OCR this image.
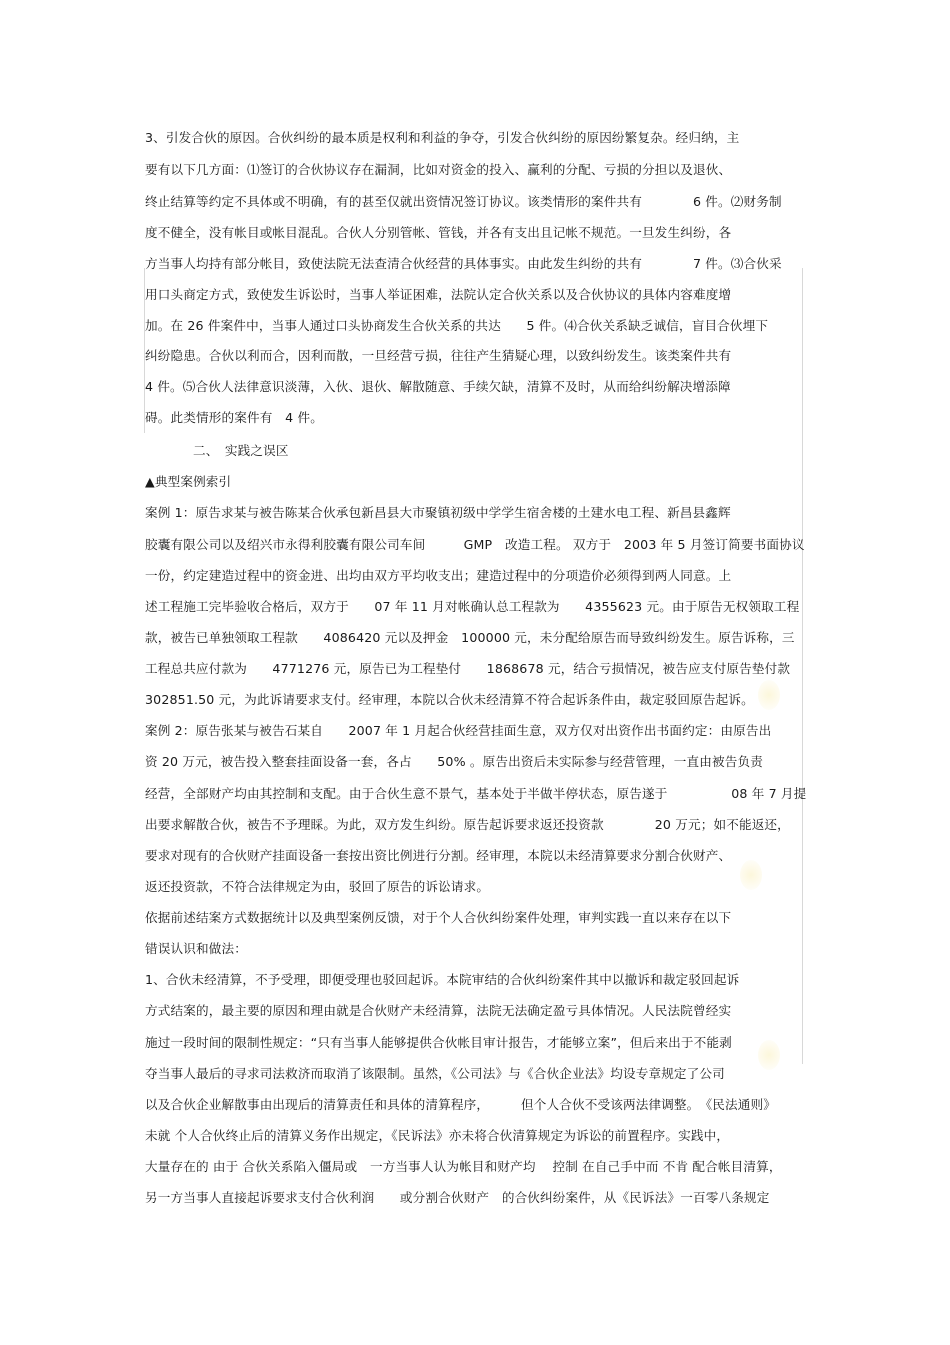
3、引发合伙的原因。合伙纠纷的最本质是权利和利益的争夺，引发合伙纠纷的原因纷繁复杂。经归纳，主
要有以下几方面：⑴签订的合伙协议存在漏洞，比如对资金的投入、赢利的分配、亏损的分担以及退伙、
终止结算等约定不具体或不明确，有的甚至仅就出资情况签订协议。该类情形的案件共有　　　　6 件。⑵财务制
度不健全，没有帐目或帐目混乱。合伙人分别管帐、管钱，并各有支出且记帐不规范。一旦发生纠纷，各
方当事人均持有部分帐目，致使法院无法查清合伙经营的具体事实。由此发生纠纷的共有　　　　7 件。⑶合伙采
用口头商定方式，致使发生诉讼时，当事人举证困难，法院认定合伙关系以及合伙协议的具体内容难度增
加。在 26 件案件中，当事人通过口头协商发生合伙关系的共达　　5 件。⑷合伙关系缺乏诚信，盲目合伙埋下
纠纷隐患。合伙以利而合，因利而散，一旦经营亏损，往往产生猜疑心理，以致纠纷发生。该类案件共有
4 件。⑸合伙人法律意识淡薄，入伙、退伙、解散随意、手续欠缺，清算不及时，从而给纠纷解决增添障
碍。此类情形的案件有　4 件。
二、　实践之误区
▲典型案例索引
案例 1：原告求某与被告陈某合伙承包新昌县大市聚镇初级中学学生宿舍楼的土建水电工程、新昌县鑫辉
胶囊有限公司以及绍兴市永得利胶囊有限公司车间　　　GMP　改造工程。 双方于　2003 年 5 月签订简要书面协议
一份，约定建造过程中的资金进、出均由双方平均收支出；建造过程中的分项造价必须得到两人同意。上
述工程施工完毕验收合格后，双方于　　07 年 11 月对帐确认总工程款为　　4355623 元。由于原告无权领取工程
款，被告已单独领取工程款　　4086420 元以及押金　100000 元，未分配给原告而导致纠纷发生。原告诉称，三
工程总共应付款为　　4771276 元，原告已为工程垫付　　1868678 元，结合亏损情况，被告应支付原告垫付款
302851.50 元，为此诉请要求支付。经审理，本院以合伙未经清算不符合起诉条件由，裁定驳回原告起诉。
案例 2：原告张某与被告石某自　　2007 年 1 月起合伙经营挂面生意，双方仅对出资作出书面约定：由原告出
资 20 万元，被告投入整套挂面设备一套，各占　　50% 。原告出资后未实际参与经营管理，一直由被告负责
经营，全部财产均由其控制和支配。由于合伙生意不景气，基本处于半做半停状态，原告遂于　　　　　08 年 7 月提
出要求解散合伙，被告不予理睬。为此，双方发生纠纷。原告起诉要求返还投资款　　　　20 万元；如不能返还，
要求对现有的合伙财产挂面设备一套按出资比例进行分割。经审理，本院以未经清算要求分割合伙财产、
返还投资款，不符合法律规定为由，驳回了原告的诉讼请求。
依据前述结案方式数据统计以及典型案例反馈，对于个人合伙纠纷案件处理，审判实践一直以来存在以下
错误认识和做法：
1、合伙未经清算，不予受理，即便受理也驳回起诉。本院审结的合伙纠纷案件其中以撤诉和裁定驳回起诉
方式结案的，最主要的原因和理由就是合伙财产未经清算，法院无法确定盈亏具体情况。人民法院曾经实
施过一段时间的限制性规定：“只有当事人能够提供合伙帐目审计报告，才能够立案”，但后来出于不能剥
夺当事人最后的寻求司法救济而取消了该限制。虽然，《公司法》与《合伙企业法》均设专章规定了公司
以及合伙企业解散事由出现后的清算责任和具体的清算程序，　　　但个人合伙不受该两法律调整。　《民法通则》
未就 个人合伙终止后的清算义务作出规定，《民诉法》亦未将合伙清算规定为诉讼的前置程序。实践中，
大量存在的 由于 合伙关系陷入僵局或　一方当事人认为帐目和财产均　 控制 在自己手中而 不肯 配合帐目清算，
另一方当事人直接起诉要求支付合伙利润　　或分割合伙财产　的合伙纠纷案件，从《民诉法》一百零八条规定
